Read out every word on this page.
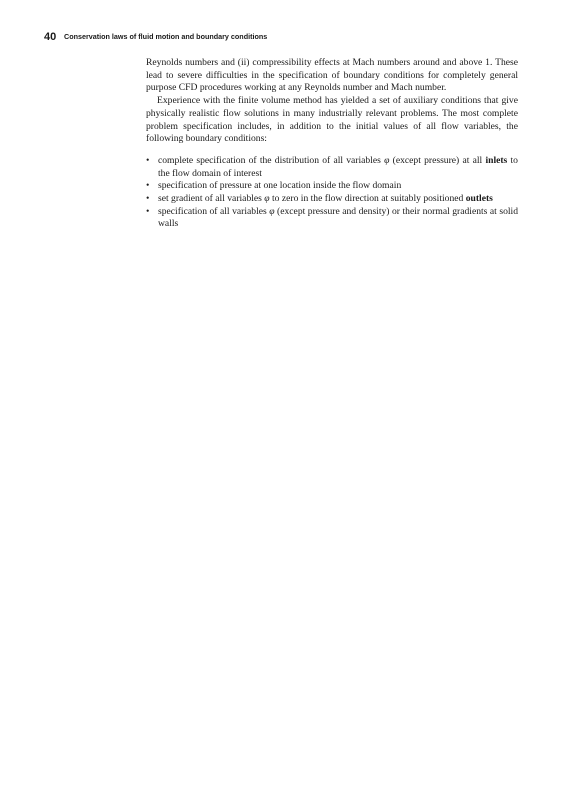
40 Conservation laws of fluid motion and boundary conditions

Reynolds numbers and (ii) compressibility effects at Mach numbers around and above 1. These lead to severe difficulties in the specification of boundary conditions for completely general purpose CFD procedures working at any Reynolds number and Mach number.

Experience with the finite volume method has yielded a set of auxiliary conditions that give physically realistic flow solutions in many industrially relevant problems. The most complete problem specification includes, in addition to the initial values of all flow variables, the following boundary conditions:

• complete specification of the distribution of all variables φ (except pressure) at all inlets to the flow domain of interest
• specification of pressure at one location inside the flow domain
• set gradient of all variables φ to zero in the flow direction at suitably positioned outlets
• specification of all variables φ (except pressure and density) or their normal gradients at solid walls
